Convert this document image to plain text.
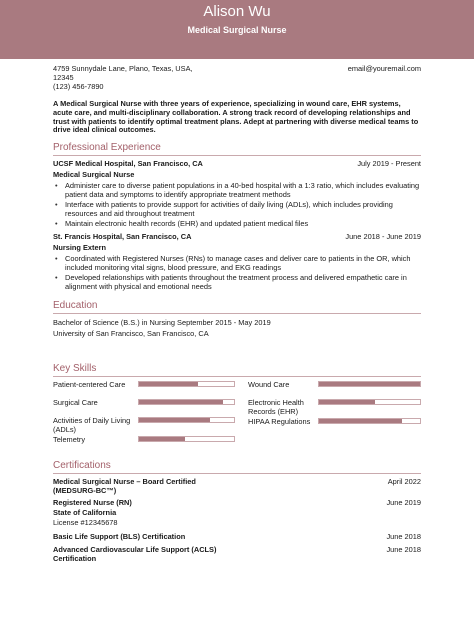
Alison Wu
Medical Surgical Nurse
4759 Sunnydale Lane, Plano, Texas, USA,
12345
(123) 456-7890
email@youremail.com
A Medical Surgical Nurse with three years of experience, specializing in wound care, EHR systems, acute care, and multi-disciplinary collaboration. A strong track record of developing relationships and trust with patients to identify optimal treatment plans. Adept at partnering with diverse medical teams to drive ideal clinical outcomes.
Professional Experience
UCSF Medical Hospital, San Francisco, CA	July 2019 - Present
Medical Surgical Nurse
• Administer care to diverse patient populations in a 40-bed hospital with a 1:3 ratio, which includes evaluating patient data and symptoms to identify appropriate treatment methods
• Interface with patients to provide support for activities of daily living (ADLs), which includes providing resources and aid throughout treatment
• Maintain electronic health records (EHR) and updated patient medical files
St. Francis Hospital, San Francisco, CA	June 2018 - June 2019
Nursing Extern
• Coordinated with Registered Nurses (RNs) to manage cases and deliver care to patients in the OR, which included monitoring vital signs, blood pressure, and EKG readings
• Developed relationships with patients throughout the treatment process and delivered empathetic care in alignment with physical and emotional needs
Education
Bachelor of Science (B.S.) in Nursing September 2015 - May 2019
University of San Francisco, San Francisco, CA
Key Skills
Patient-centered Care
Surgical Care
Activities of Daily Living (ADLs)
Telemetry
Wound Care
Electronic Health Records (EHR)
HIPAA Regulations
Certifications
Medical Surgical Nurse – Board Certified (MEDSURG-BC™)
April 2022
Registered Nurse (RN)	June 2019
State of California
License #12345678
Basic Life Support (BLS) Certification	June 2018
Advanced Cardiovascular Life Support (ACLS) Certification
June 2018
